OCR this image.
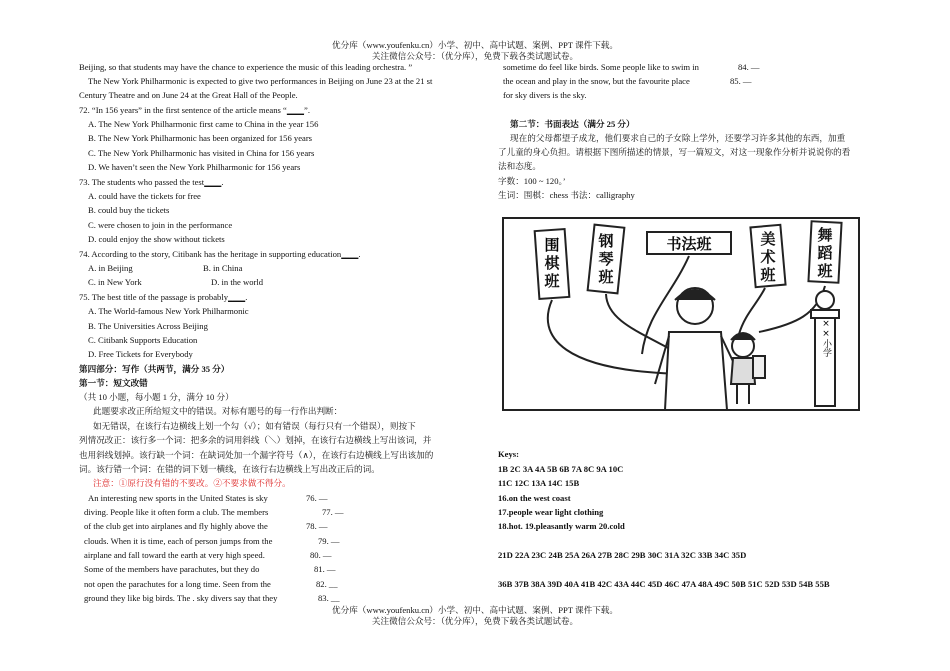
优分库（www.youfenku.cn）小学、初中、高中试题、案例、PPT 课件下载。
关注微信公众号：（优分库），免费下载各类试题试卷。
Beijing, so that students may have the chance to experience the music of this leading orchestra. ”
The New York Philharmonic is expected to give two performances in Beijing on June 23 at the 21 st
Century Theatre and on June 24 at the Great Hall of the People.
72. “In 156 years” in the first sentence of the article means “____”.
A. The New York Philharmonic first came to China in the year 156
B. The New York Philharmonic has been organized for 156 years
C. The New York Philharmonic has visited in China for 156 years
D. We haven’t seen the New York Philharmonic for 156 years
73. The students who passed the test____.
A. could have the tickets for free
B. could buy the tickets
C. were chosen to join in the performance
D. could enjoy the show without tickets
74. According to the story, Citibank has the heritage in supporting education____.
A. in Beijing	B. in China
C. in New York	D. in the world
75. The best title of the passage is probably____.
A. The World-famous New York Philharmonic
B. The Universities Across Beijing
C. Citibank Supports Education
D. Free Tickets for Everybody
第四部分：写作（共两节，满分 35 分）
第一节：短文改错
（共 10 小题，每小题 1 分，满分 10 分）
此题要求改正所给短文中的错误。对标有题号的每一行作出判断：
如无错误，在该行右边横线上划一个勾（√）；如有错误（每行只有一个错误），则按下
列情况改正：该行多一个词：把多余的词用斜线（＼）划掉，在该行右边横线上写出该词，并
也用斜线划掉。该行缺一个词：在缺词处加一个漏字符号（∧），在该行右边横线上写出该加的
词。该行错一个词：在错的词下划一横线，在该行右边横线上写出改正后的词。
注意：①原行没有错的不要改。②不要求做不得分。
An interesting new sports in the United States is sky	76. —
diving. People like it often form a club. The members	77. —
of the club get into airplanes and fly highly above the	78. —
clouds. When it is time, each of person jumps from the	79. —
airplane and fall toward the earth at very high speed.	80. —
Some of the members have parachutes, but they do	81. —
not open the parachutes for a long time. Seen from the	82. __
ground they like big birds. The . sky divers say that they	83. __
sometime do feel like birds. Some people like to swim in	84. —
the ocean and play in the snow, but the favourite place	85. —
for sky divers is the sky.
第二节：书面表达（满分 25 分）
现在的父母都望子成龙，他们要求自己的子女除上学外，还要学习许多其他的东西，加重
了儿童的身心负担。请根据下图所描述的情景，写一篇短文，对这一现象作分析并说说你的看
法和态度。
字数：100 ~ 120。’
生词：围棋：chess 书法：calligraphy
围
棋
班
钢
琴
班
书法班	美
术
班
舞
蹈
班
××小学
Keys:
1B 2C 3A 4A 5B 6B 7A 8C 9A 10C
11C 12C 13A 14C 15B
16.on the west coast
17.people wear light clothing
18.hot. 19.pleasantly warm 20.cold
21D 22A 23C 24B 25A 26A 27B 28C 29B 30C 31A 32C 33B 34C 35D
36B 37B 38A 39D 40A 41B 42C 43A 44C 45D 46C 47A 48A 49C 50B 51C 52D 53D 54B 55B
优分库（www.youfenku.cn）小学、初中、高中试题、案例、PPT 课件下载。
关注微信公众号：（优分库），免费下载各类试题试卷。
